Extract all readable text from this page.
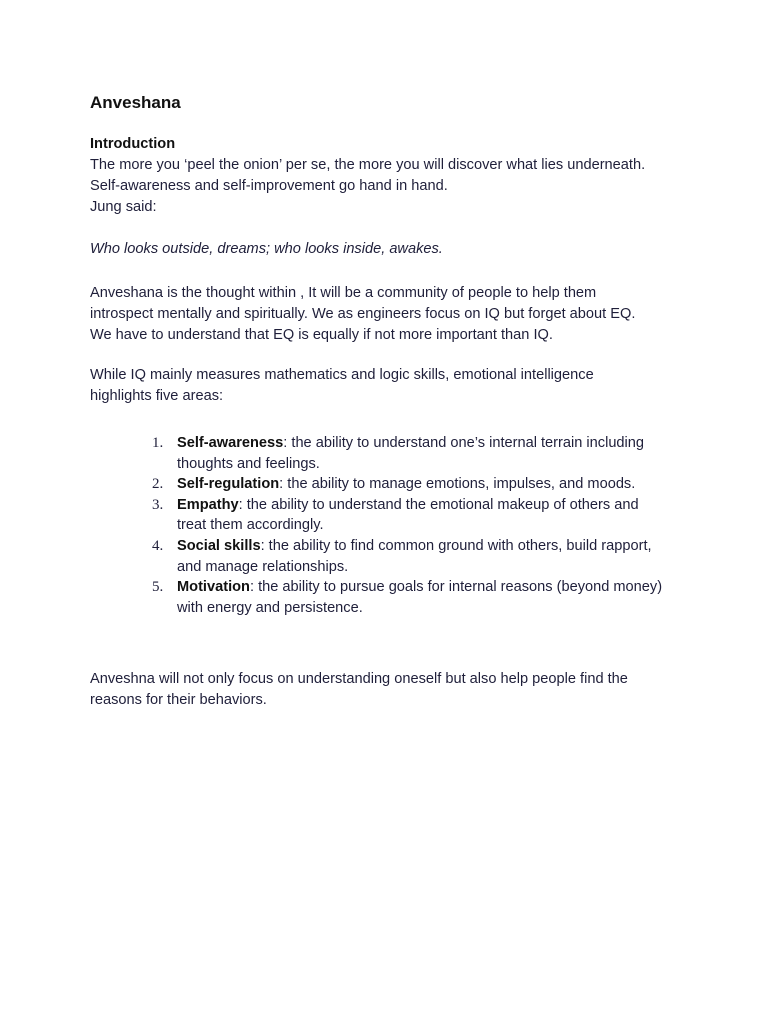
Anveshana
Introduction
The more you ‘peel the onion’ per se, the more you will discover what lies underneath.
Self-awareness and self-improvement go hand in hand.
Jung said:
Who looks outside, dreams; who looks inside, awakes.
Anveshana is the thought within , It will be a community of people to help them
introspect mentally and spiritually. We as engineers focus on IQ but forget about EQ.
We have to understand that EQ is equally if not more important than IQ.
While IQ mainly measures mathematics and logic skills, emotional intelligence
highlights five areas:
1. Self-awareness: the ability to understand one’s internal terrain including
thoughts and feelings.
2. Self-regulation: the ability to manage emotions, impulses, and moods.
3. Empathy: the ability to understand the emotional makeup of others and
treat them accordingly.
4. Social skills: the ability to find common ground with others, build rapport,
and manage relationships.
5. Motivation: the ability to pursue goals for internal reasons (beyond money)
with energy and persistence.
Anveshna will not only focus on understanding oneself but also help people find the
reasons for their behaviors.
